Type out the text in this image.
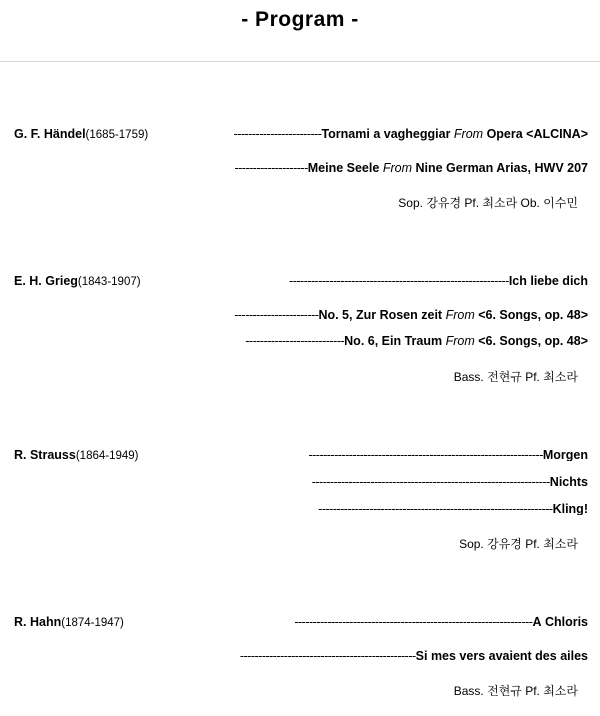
- Program -
G. F. Händel(1685-1759)	------------------------Tornami a vagheggiar From Opera <ALCINA>
--------------------Meine Seele From Nine German Arias, HWV 207
Sop. 강유경 Pf. 최소라 Ob. 이수민
E. H. Grieg(1843-1907)	------------------------------------------------------------Ich liebe dich
-----------------------No. 5, Zur Rosen zeit From <6. Songs, op. 48>
---------------------------No. 6, Ein Traum From <6. Songs, op. 48>
Bass. 전현규 Pf. 최소라
R. Strauss(1864-1949)	----------------------------------------------------------------Morgen
-----------------------------------------------------------------Nichts
----------------------------------------------------------------Kling!
Sop. 강유경 Pf. 최소라
R. Hahn(1874-1947)	-----------------------------------------------------------------À Chloris
------------------------------------------------Si mes vers avaient des ailes
Bass. 전현규 Pf. 최소라
